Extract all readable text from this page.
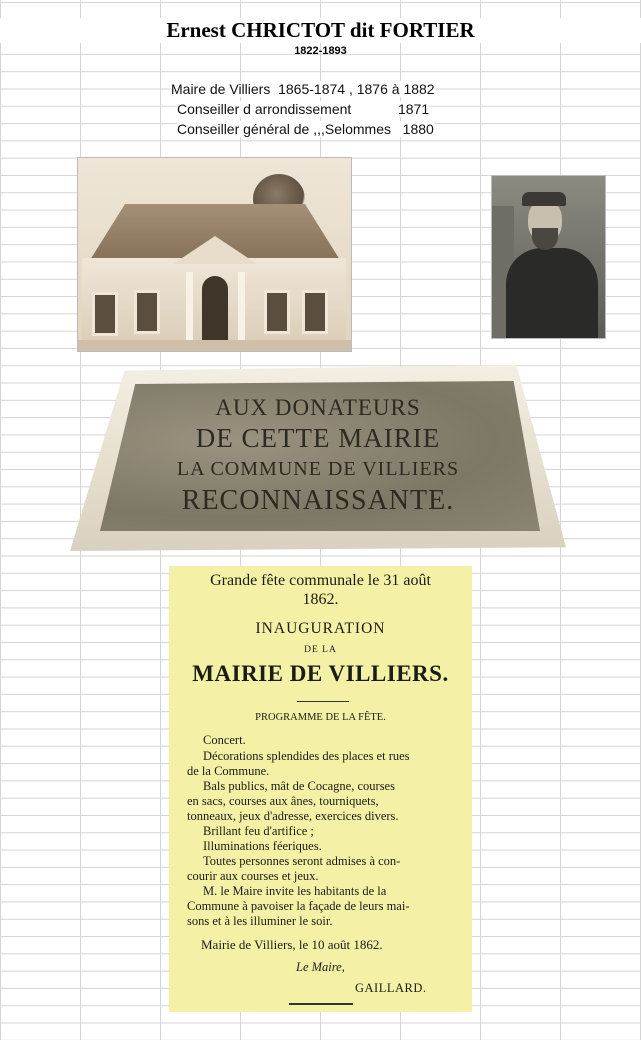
Ernest CHRICTOT dit FORTIER
1822-1893
Maire de Villiers  1865-1874 , 1876 à 1882
Conseiller d arrondissement            1871
Conseiller général de ,,,Selommes   1880
AUX DONATEURS
DE CETTE MAIRIE
LA COMMUNE DE VILLIERS
RECONNAISSANTE.
Grande fête communale le 31 août
1862.
INAUGURATION
DE LA
MAIRIE DE VILLIERS.
PROGRAMME DE LA FÊTE.
Concert.
Décorations splendides des places et rues
de la Commune.
Bals publics, mât de Cocagne, courses
en sacs, courses aux ânes, tourniquets,
tonneaux, jeux d'adresse, exercices divers.
Brillant feu d'artifice ;
Illuminations féeriques.
Toutes personnes seront admises à con-
courir aux courses et jeux.
M. le Maire invite les habitants de la
Commune à pavoiser la façade de leurs mai-
sons et à les illuminer le soir.
Mairie de Villiers, le 10 août 1862.
Le Maire,
GAILLARD.
